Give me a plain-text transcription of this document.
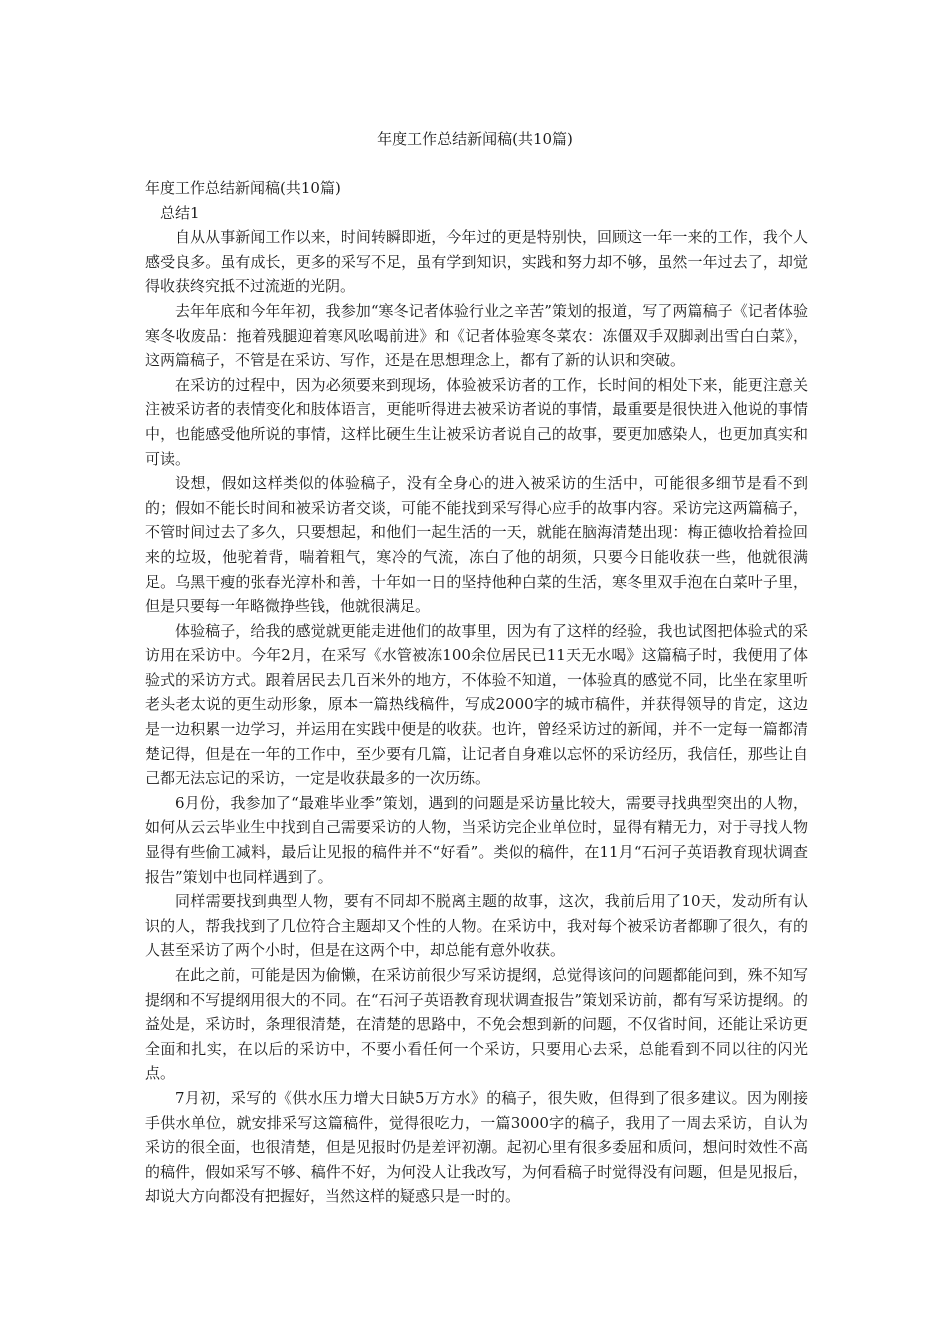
年度工作总结新闻稿(共10篇)

年度工作总结新闻稿(共10篇)

总结1

自从从事新闻工作以来，时间转瞬即逝，今年过的更是特别快，回顾这一年一来的工作，我个人感受良多。虽有成长，更多的采写不足，虽有学到知识，实践和努力却不够，虽然一年过去了，却觉得收获终究抵不过流逝的光阴。

去年年底和今年年初，我参加“寒冬记者体验行业之辛苦”策划的报道，写了两篇稿子《记者体验寒冬收废品：拖着残腿迎着寒风吆喝前进》和《记者体验寒冬菜农：冻僵双手双脚剥出雪白白菜》，这两篇稿子，不管是在采访、写作，还是在思想理念上，都有了新的认识和突破。

在采访的过程中，因为必须要来到现场，体验被采访者的工作，长时间的相处下来，能更注意关注被采访者的表情变化和肢体语言，更能听得进去被采访者说的事情，最重要是很快进入他说的事情中，也能感受他所说的事情，这样比硬生生让被采访者说自己的故事，要更加感染人，也更加真实和可读。

设想，假如这样类似的体验稿子，没有全身心的进入被采访的生活中，可能很多细节是看不到的；假如不能长时间和被采访者交谈，可能不能找到采写得心应手的故事内容。采访完这两篇稿子，不管时间过去了多久，只要想起，和他们一起生活的一天，就能在脑海清楚出现：梅正德收拾着捡回来的垃圾，他驼着背，喘着粗气，寒冷的气流，冻白了他的胡须，只要今日能收获一些，他就很满足。乌黑干瘦的张春光淳朴和善，十年如一日的坚持他种白菜的生活，寒冬里双手泡在白菜叶子里，但是只要每一年略微挣些钱，他就很满足。

体验稿子，给我的感觉就更能走进他们的故事里，因为有了这样的经验，我也试图把体验式的采访用在采访中。今年2月，在采写《水管被冻100余位居民已11天无水喝》这篇稿子时，我便用了体验式的采访方式。跟着居民去几百米外的地方，不体验不知道，一体验真的感觉不同，比坐在家里听老头老太说的更生动形象，原本一篇热线稿件，写成2000字的城市稿件，并获得领导的肯定，这边是一边积累一边学习，并运用在实践中便是的收获。也许，曾经采访过的新闻，并不一定每一篇都清楚记得，但是在一年的工作中，至少要有几篇，让记者自身难以忘怀的采访经历，我信任，那些让自己都无法忘记的采访，一定是收获最多的一次历练。

6月份，我参加了“最难毕业季”策划，遇到的问题是采访量比较大，需要寻找典型突出的人物，如何从云云毕业生中找到自己需要采访的人物，当采访完企业单位时，显得有精无力，对于寻找人物显得有些偷工减料，最后让见报的稿件并不“好看”。类似的稿件，在11月“石河子英语教育现状调查报告”策划中也同样遇到了。

同样需要找到典型人物，要有不同却不脱离主题的故事，这次，我前后用了10天，发动所有认识的人，帮我找到了几位符合主题却又个性的人物。在采访中，我对每个被采访者都聊了很久，有的人甚至采访了两个小时，但是在这两个中，却总能有意外收获。

在此之前，可能是因为偷懒，在采访前很少写采访提纲，总觉得该问的问题都能问到，殊不知写提纲和不写提纲用很大的不同。在“石河子英语教育现状调查报告”策划采访前，都有写采访提纲。的益处是，采访时，条理很清楚，在清楚的思路中，不免会想到新的问题，不仅省时间，还能让采访更全面和扎实，在以后的采访中，不要小看任何一个采访，只要用心去采，总能看到不同以往的闪光点。

7月初，采写的《供水压力增大日缺5万方水》的稿子，很失败，但得到了很多建议。因为刚接手供水单位，就安排采写这篇稿件，觉得很吃力，一篇3000字的稿子，我用了一周去采访，自认为采访的很全面，也很清楚，但是见报时仍是差评初潮。起初心里有很多委屈和质问，想问时效性不高的稿件，假如采写不够、稿件不好，为何没人让我改写，为何看稿子时觉得没有问题，但是见报后，却说大方向都没有把握好，当然这样的疑惑只是一时的。
